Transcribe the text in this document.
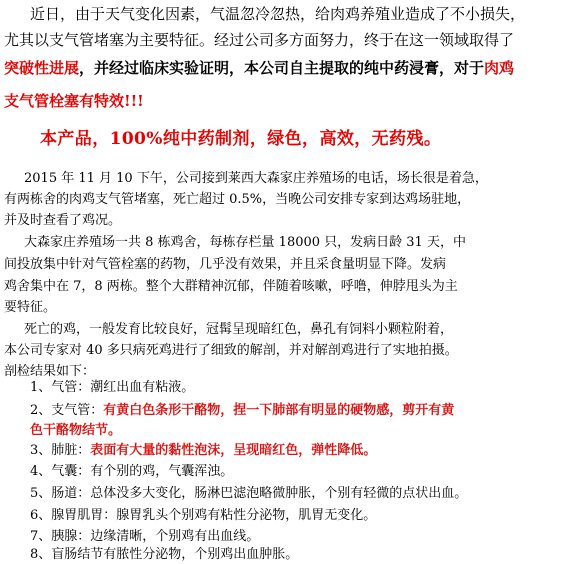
近日，由于天气变化因素，气温忽冷忽热，给肉鸡养殖业造成了不小损失，
尤其以支气管堵塞为主要特征。经过公司多方面努力，终于在这一领域取得了
突破性进展，并经过临床实验证明，本公司自主提取的纯中药浸膏，对于肉鸡
支气管栓塞有特效!!!
本产品，100%纯中药制剂，绿色，高效，无药残。
2015 年 11 月 10 下午，公司接到莱西大森家庄养殖场的电话，场长很是着急，
有两栋舍的肉鸡支气管堵塞，死亡超过 0.5%，当晚公司安排专家到达鸡场驻地，
并及时查看了鸡况。
大森家庄养殖场一共 8 栋鸡舍，每栋存栏量 18000 只，发病日龄 31 天，中
间投放集中针对气管栓塞的药物，几乎没有效果，并且采食量明显下降。发病
鸡舍集中在 7，8 两栋。整个大群精神沉郁，伴随着咳嗽，呼噜，伸脖甩头为主
要特征。
死亡的鸡，一般发育比较良好，冠髯呈现暗红色，鼻孔有饲料小颗粒附着，
本公司专家对 40 多只病死鸡进行了细致的解剖，并对解剖鸡进行了实地拍摄。
剖检结果如下：
1、气管：潮红出血有粘液。
2、支气管：有黄白色条形干酪物，捏一下肺部有明显的硬物感，剪开有黄
色干酪物结节。
3、肺脏：表面有大量的黏性泡沫，呈现暗红色，弹性降低。
4、气囊：有个别的鸡，气囊浑浊。
5、肠道：总体没多大变化，肠淋巴滤泡略微肿胀，个别有轻微的点状出血。
6、腺胃肌胃：腺胃乳头个别鸡有粘性分泌物，肌胃无变化。
7、胰腺：边缘清晰，个别鸡有出血线。
8、盲肠结节有脓性分泌物，个别鸡出血肿胀。
